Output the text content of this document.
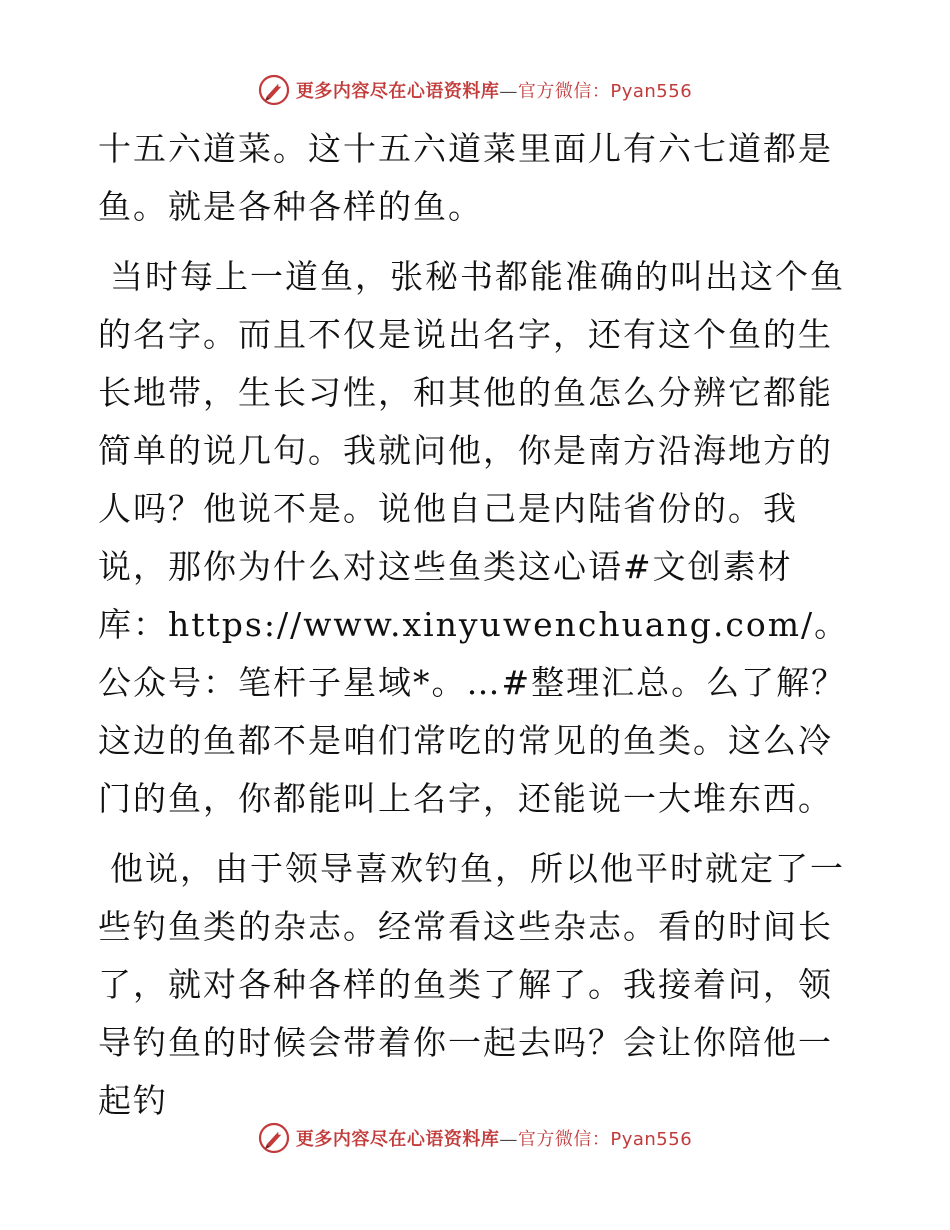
更多内容尽在心语资料库—官方微信：Pyan556

十五六道菜。这十五六道菜里面儿有六七道都是鱼。就是各种各样的鱼。

当时每上一道鱼，张秘书都能准确的叫出这个鱼的名字。而且不仅是说出名字，还有这个鱼的生长地带，生长习性，和其他的鱼怎么分辨它都能简单的说几句。我就问他，你是南方沿海地方的人吗？他说不是。说他自己是内陆省份的。我说，那你为什么对这些鱼类这心语#文创素材库：https://www.xinyuwenchuang.com/。公众号：笔杆子星域*。…#整理汇总。么了解？这边的鱼都不是咱们常吃的常见的鱼类。这么冷门的鱼，你都能叫上名字，还能说一大堆东西。

他说，由于领导喜欢钓鱼，所以他平时就定了一些钓鱼类的杂志。经常看这些杂志。看的时间长了，就对各种各样的鱼类了解了。我接着问，领导钓鱼的时候会带着你一起去吗？会让你陪他一起钓

更多内容尽在心语资料库—官方微信：Pyan556
